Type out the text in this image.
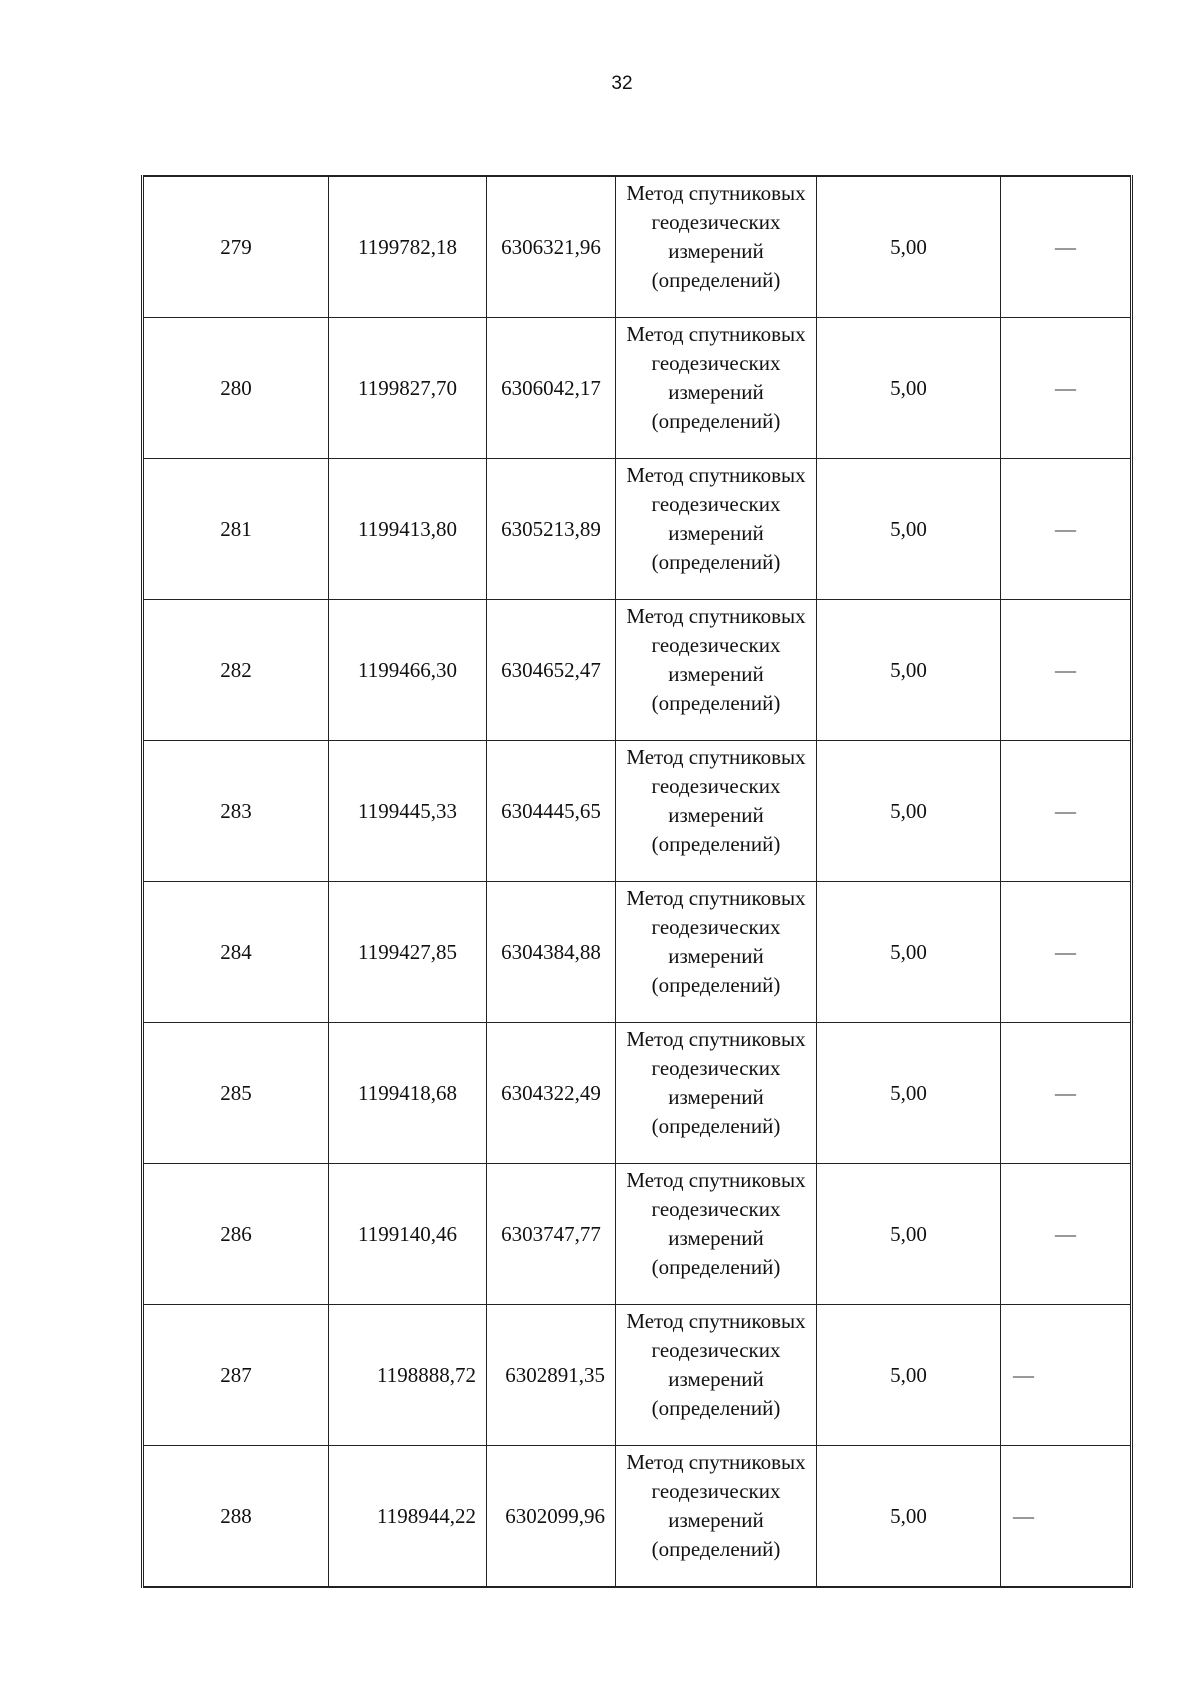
32
279	1199782,18	6306321,96	Метод спутниковых
геодезических
измерений
(определений)	5,00	—
280	1199827,70	6306042,17	Метод спутниковых
геодезических
измерений
(определений)	5,00	—
281	1199413,80	6305213,89	Метод спутниковых
геодезических
измерений
(определений)	5,00	—
282	1199466,30	6304652,47	Метод спутниковых
геодезических
измерений
(определений)	5,00	—
283	1199445,33	6304445,65	Метод спутниковых
геодезических
измерений
(определений)	5,00	—
284	1199427,85	6304384,88	Метод спутниковых
геодезических
измерений
(определений)	5,00	—
285	1199418,68	6304322,49	Метод спутниковых
геодезических
измерений
(определений)	5,00	—
286	1199140,46	6303747,77	Метод спутниковых
геодезических
измерений
(определений)	5,00	—
287	1198888,72	6302891,35	Метод спутниковых
геодезических
измерений
(определений)	5,00	—
288	1198944,22	6302099,96	Метод спутниковых
геодезических
измерений
(определений)	5,00	—
